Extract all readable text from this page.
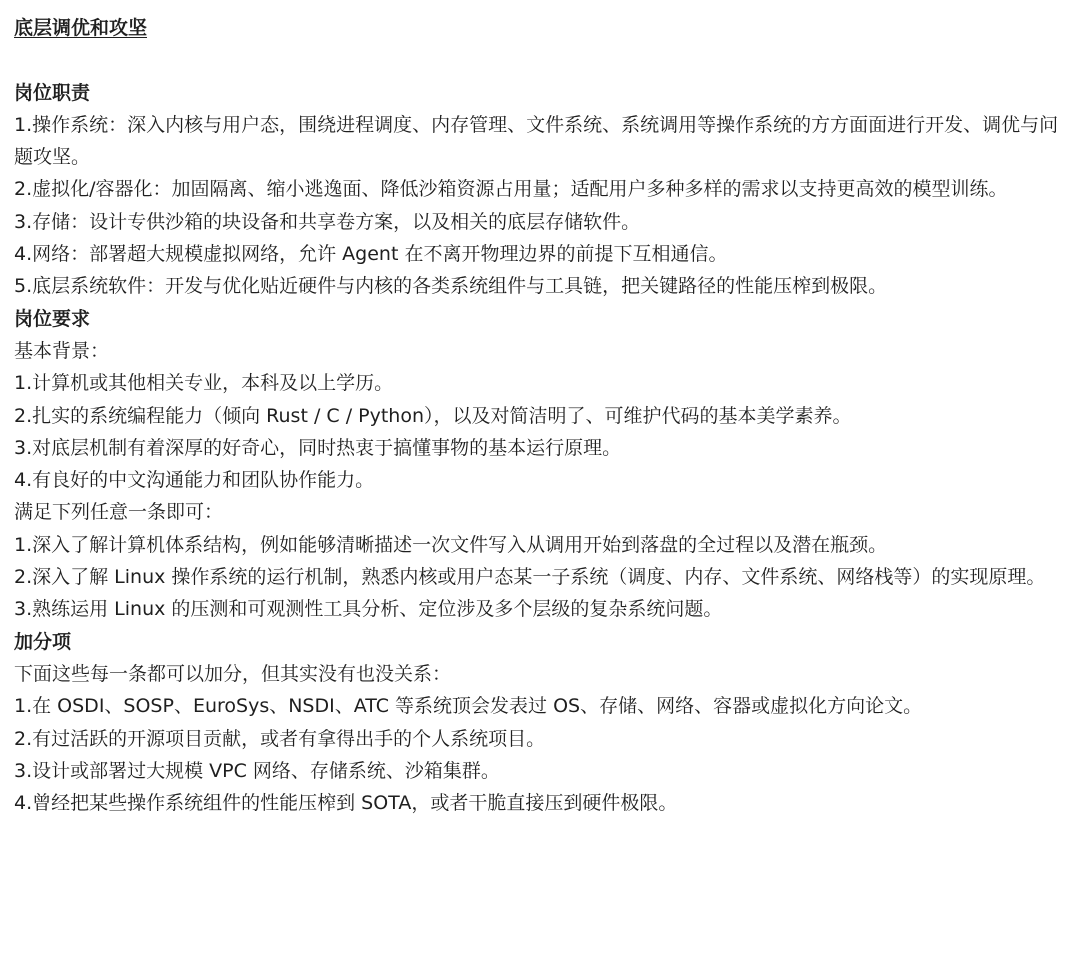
底层调优和攻坚

岗位职责

1.操作系统：深入内核与用户态，围绕进程调度、内存管理、文件系统、系统调用等操作系统的方方面面进行开发、调优与问题攻坚。

2.虚拟化/容器化：加固隔离、缩小逃逸面、降低沙箱资源占用量；适配用户多种多样的需求以支持更高效的模型训练。

3.存储：设计专供沙箱的块设备和共享卷方案，以及相关的底层存储软件。

4.网络：部署超大规模虚拟网络，允许 Agent 在不离开物理边界的前提下互相通信。

5.底层系统软件：开发与优化贴近硬件与内核的各类系统组件与工具链，把关键路径的性能压榨到极限。

岗位要求

基本背景：

1.计算机或其他相关专业，本科及以上学历。

2.扎实的系统编程能力（倾向 Rust / C / Python），以及对简洁明了、可维护代码的基本美学素养。

3.对底层机制有着深厚的好奇心，同时热衷于搞懂事物的基本运行原理。

4.有良好的中文沟通能力和团队协作能力。

满足下列任意一条即可：

1.深入了解计算机体系结构，例如能够清晰描述一次文件写入从调用开始到落盘的全过程以及潜在瓶颈。

2.深入了解 Linux 操作系统的运行机制，熟悉内核或用户态某一子系统（调度、内存、文件系统、网络栈等）的实现原理。

3.熟练运用 Linux 的压测和可观测性工具分析、定位涉及多个层级的复杂系统问题。

加分项

下面这些每一条都可以加分，但其实没有也没关系：

1.在 OSDI、SOSP、EuroSys、NSDI、ATC 等系统顶会发表过 OS、存储、网络、容器或虚拟化方向论文。

2.有过活跃的开源项目贡献，或者有拿得出手的个人系统项目。

3.设计或部署过大规模 VPC 网络、存储系统、沙箱集群。

4.曾经把某些操作系统组件的性能压榨到 SOTA，或者干脆直接压到硬件极限。
